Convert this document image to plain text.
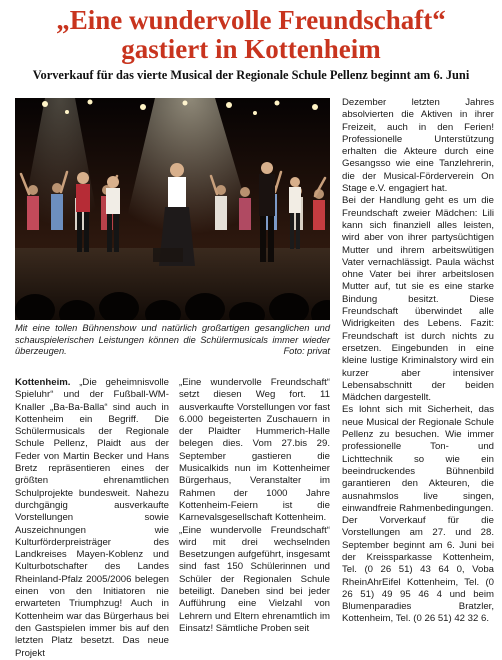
„Eine wundervolle Freundschaft“
gastiert in Kottenheim
Vorverkauf für das vierte Musical der Regionale Schule Pellenz beginnt am 6. Juni

Mit eine tollen Bühnenshow und natürlich großartigen gesanglichen und schauspielerischen Leistungen können die Schülermusicals immer wieder überzeugen.	Foto: privat

Kottenheim. „Die geheimnisvolle Spieluhr“ und der Fußball-WM-Knaller „Ba-Ba-Balla“ sind auch in Kottenheim ein Begriff. Die Schülermusicals der Regionale Schule Pellenz, Plaidt aus der Feder von Martin Becker und Hans Bretz repräsentieren eines der größten ehrenamtlichen Schulprojekte bundesweit. Nahezu durchgängig ausverkaufte Vorstellungen sowie Auszeichnungen wie Kulturförderpreisträger des Landkreises Mayen-Koblenz und Kulturbotschafter des Landes Rheinland-Pfalz 2005/2006 belegen einen von den Initiatoren nie erwarteten Triumphzug! Auch in Kottenheim war das Bürgerhaus bei den Gastspielen immer bis auf den letzten Platz besetzt. Das neue Projekt

„Eine wundervolle Freundschaft“ setzt diesen Weg fort. 11 ausverkaufte Vorstellungen vor fast 6.000 begeisterten Zuschauern in der Plaidter Hummerich-Halle belegen dies. Vom 27.bis 29. September gastieren die Musicalkids nun im Kottenheimer Bürgerhaus, Veranstalter im Rahmen der 1000 Jahre Kottenheim-Feiern ist die Karnevalsgesellschaft Kottenheim.

„Eine wundervolle Freundschaft“ wird mit drei wechselnden Besetzungen aufgeführt, insgesamt sind fast 150 Schülerinnen und Schüler der Regionalen Schule beteiligt. Daneben sind bei jeder Aufführung eine Vielzahl von Lehrern und Eltern ehrenamtlich im Einsatz! Sämtliche Proben seit

Dezember letzten Jahres absolvierten die Aktiven in ihrer Freizeit, auch in den Ferien! Professionelle Unterstützung erhalten die Akteure durch eine Gesangsso wie eine Tanzlehrerin, die der Musical-Förderverein On Stage e.V. engagiert hat.

Bei der Handlung geht es um die Freundschaft zweier Mädchen: Lili kann sich finanziell alles leisten, wird aber von ihrer partysüchtigen Mutter und ihrem arbeitswütigen Vater vernachlässigt. Paula wächst ohne Vater bei ihrer arbeitslosen Mutter auf, tut sie es eine starke Bindung besitzt. Diese Freundschaft überwindet alle Widrigkeiten des Lebens. Fazit: Freundschaft ist durch nichts zu ersetzen. Eingebunden in eine kleine lustige Kriminalstory wird ein kurzer aber intensiver Lebensabschnitt der beiden Mädchen dargestellt.

Es lohnt sich mit Sicherheit, das neue Musical der Regionale Schule Pellenz zu besuchen. Wie immer professionelle Ton- und Lichttechnik so wie ein beeindruckendes Bühnenbild garantieren den Akteuren, die ausnahmslos live singen, einwandfreie Rahmenbedingungen.

Der Vorverkauf für die Vorstellungen am 27. und 28. September beginnt am 6. Juni bei der Kreissparkasse Kottenheim, Tel. (0 26 51) 43 64 0, Voba RheinAhrEifel Kottenheim, Tel. (0 26 51) 49 95 46 4 und beim Blumenparadies Bratzler, Kottenheim, Tel. (0 26 51) 42 32 6.
